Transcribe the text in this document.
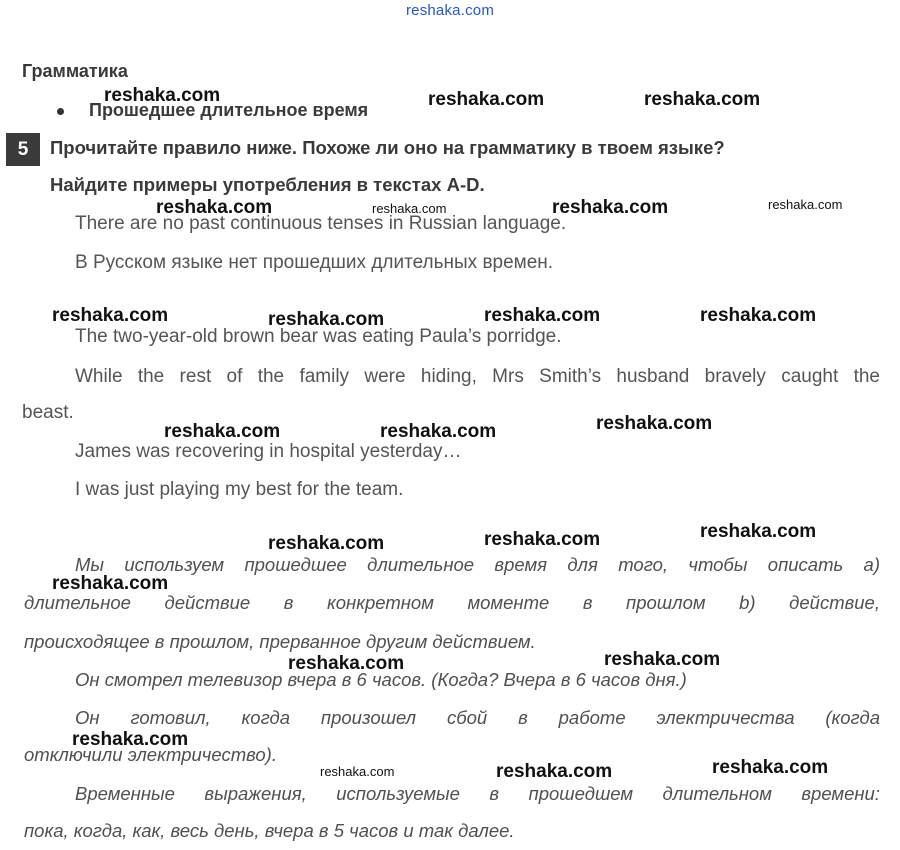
reshaka.com
Грамматика
Прошедшее длительное время
5	Прочитайте правило ниже. Похоже ли оно на грамматику в твоем языке?
Найдите примеры употребления в текстах A-D.
There are no past continuous tenses in Russian language.
В Русском языке нет прошедших длительных времен.
The two-year-old brown bear was eating Paula’s porridge.
While the rest of the family were hiding, Mrs Smith’s husband bravely caught the
beast.
James was recovering in hospital yesterday…
I was just playing my best for the team.
Мы используем прошедшее длительное время для того, чтобы описать a)
длительное действие в конкретном моменте в прошлом b) действие,
происходящее в прошлом, прерванное другим действием.
Он смотрел телевизор вчера в 6 часов. (Когда? Вчера в 6 часов дня.)
Он готовил, когда произошел сбой в работе электричества (когда
отключили электричество).
Временные выражения, используемые в прошедшем длительном времени:
пока, когда, как, весь день, вчера в 5 часов и так далее.
reshaka.com	reshaka.com	reshaka.com
reshaka.com	reshaka.com	reshaka.com	reshaka.com
reshaka.com	reshaka.com	reshaka.com	reshaka.com
reshaka.com	reshaka.com	reshaka.com
reshaka.com	reshaka.com	reshaka.com
reshaka.com
reshaka.com	reshaka.com
reshaka.com
reshaka.com	reshaka.com	reshaka.com
